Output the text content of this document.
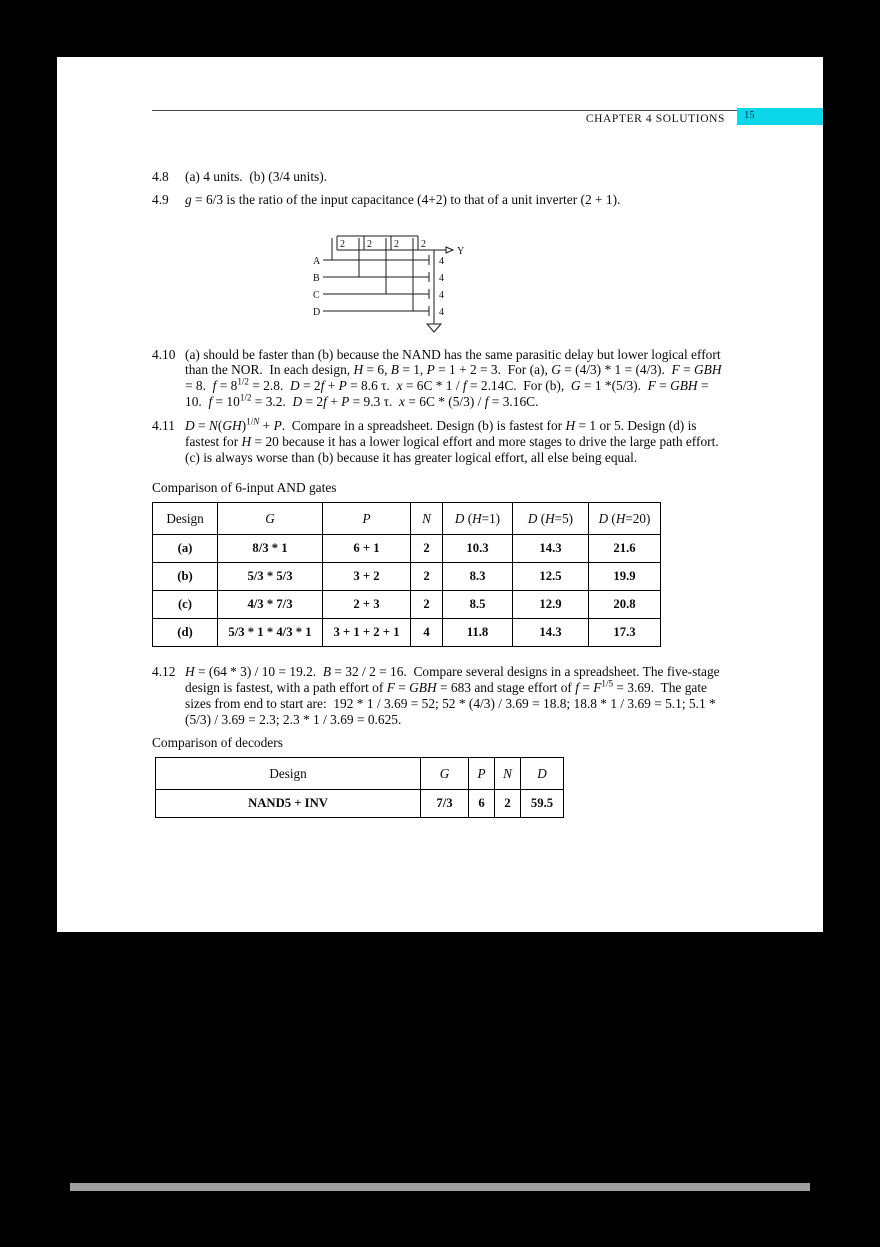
CHAPTER 4 SOLUTIONS	15
4.8	(a) 4 units.  (b) (3/4 units).
4.9	g = 6/3 is the ratio of the input capacitance (4+2) to that of a unit inverter (2 + 1).
2 2 2 2
Y
A
B
C
D
4
4
4
4
4.10 (a) should be faster than (b) because the NAND has the same parasitic delay but lower logical effort than the NOR.  In each design, H = 6, B = 1, P = 1 + 2 = 3.  For (a), G = (4/3) * 1 = (4/3).  F = GBH = 8.  $f = 8^{1/2} = 2.8$.  D = 2f + P = 8.6 τ.  x = 6C * 1 / f = 2.14C.  For (b),  G = 1 *(5/3).  F = GBH = 10.  $f = 10^{1/2} = 3.2$.  D = 2f + P = 9.3 τ.  x = 6C * (5/3) / f = 3.16C.
4.11 D = N(GH)$^{1/N}$ + P.  Compare in a spreadsheet. Design (b) is fastest for H = 1 or 5. Design (d) is fastest for H = 20 because it has a lower logical effort and more stages to drive the large path effort.  (c) is always worse than (b) because it has greater logical effort, all else being equal.
Comparison of 6-input AND gates
Design	G	P	N	D (H=1)	D (H=5)	D (H=20)
(a)	8/3 * 1	6 + 1	2	10.3	14.3	21.6
(b)	5/3 * 5/3	3 + 2	2	8.3	12.5	19.9
(c)	4/3 * 7/3	2 + 3	2	8.5	12.9	20.8
(d)	5/3 * 1 * 4/3 * 1	3 + 1 + 2 + 1	4	11.8	14.3	17.3
4.12 H = (64 * 3) / 10 = 19.2.  B = 32 / 2 = 16.  Compare several designs in a spreadsheet. The five-stage design is fastest, with a path effort of F = GBH = 683 and stage effort of $f = F^{1/5} = 3.69$.  The gate sizes from end to start are:  192 * 1 / 3.69 = 52; 52 * (4/3) / 3.69 = 18.8; 18.8 * 1 / 3.69 = 5.1; 5.1 * (5/3) / 3.69 = 2.3; 2.3 * 1 / 3.69 = 0.625.
Comparison of decoders
Design	G	P	N	D
NAND5 + INV	7/3	6	2	59.5
